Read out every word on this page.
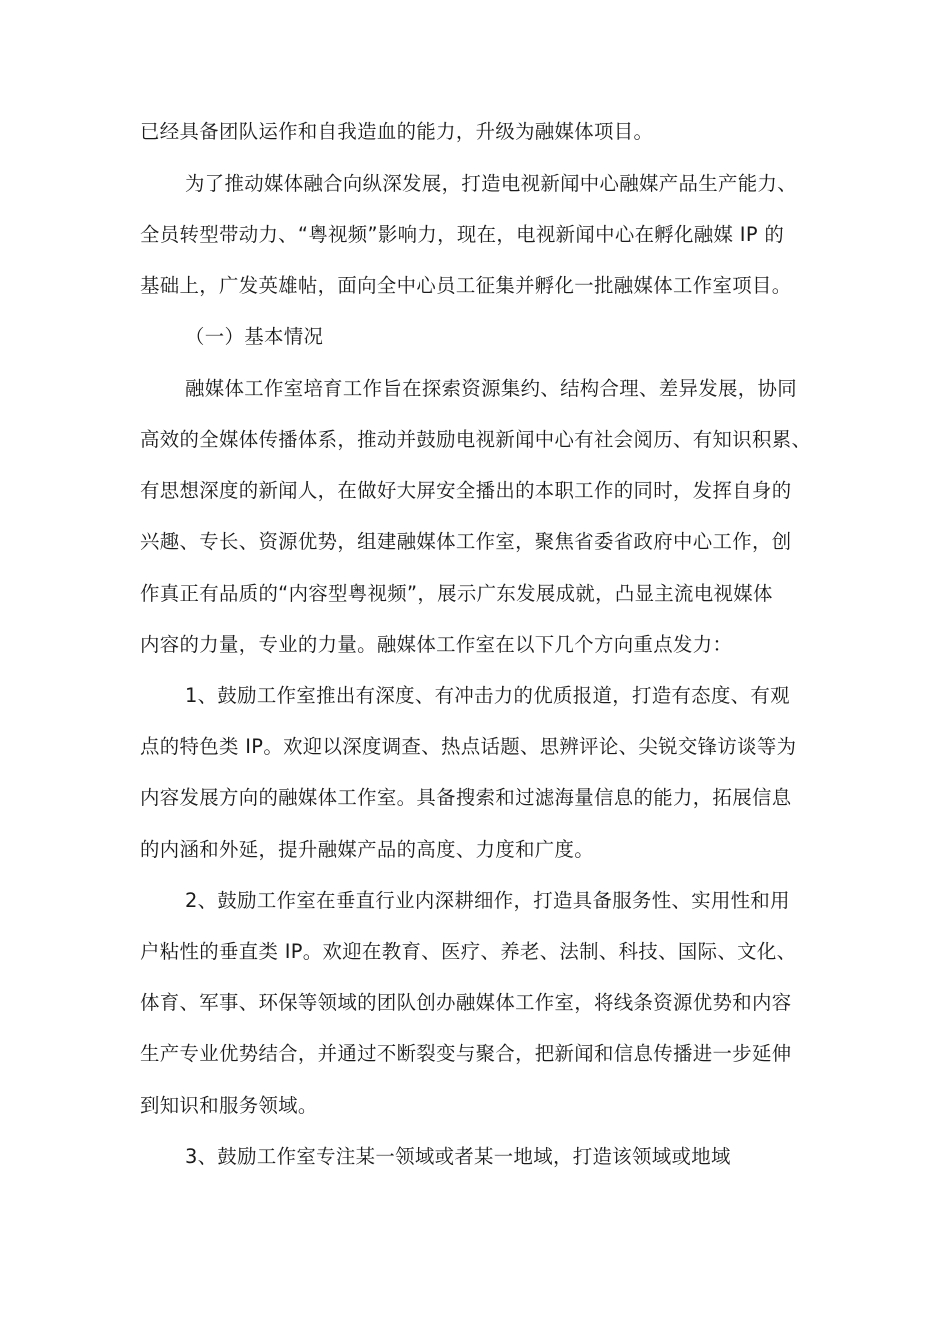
已经具备团队运作和自我造血的能力，升级为融媒体项目。
为了推动媒体融合向纵深发展，打造电视新闻中心融媒产品生产能力、
全员转型带动力、“粤视频”影响力，现在，电视新闻中心在孵化融媒 IP 的
基础上，广发英雄帖，面向全中心员工征集并孵化一批融媒体工作室项目。
（一）基本情况
融媒体工作室培育工作旨在探索资源集约、结构合理、差异发展，协同
高效的全媒体传播体系，推动并鼓励电视新闻中心有社会阅历、有知识积累、
有思想深度的新闻人，在做好大屏安全播出的本职工作的同时，发挥自身的
兴趣、专长、资源优势，组建融媒体工作室，聚焦省委省政府中心工作，创
作真正有品质的“内容型粤视频”，展示广东发展成就，凸显主流电视媒体
内容的力量，专业的力量。融媒体工作室在以下几个方向重点发力：
1、鼓励工作室推出有深度、有冲击力的优质报道，打造有态度、有观
点的特色类 IP。欢迎以深度调查、热点话题、思辨评论、尖锐交锋访谈等为
内容发展方向的融媒体工作室。具备搜索和过滤海量信息的能力，拓展信息
的内涵和外延，提升融媒产品的高度、力度和广度。
2、鼓励工作室在垂直行业内深耕细作，打造具备服务性、实用性和用
户粘性的垂直类 IP。欢迎在教育、医疗、养老、法制、科技、国际、文化、
体育、军事、环保等领域的团队创办融媒体工作室，将线条资源优势和内容
生产专业优势结合，并通过不断裂变与聚合，把新闻和信息传播进一步延伸
到知识和服务领域。
3、鼓励工作室专注某一领域或者某一地域，打造该领域或地域
